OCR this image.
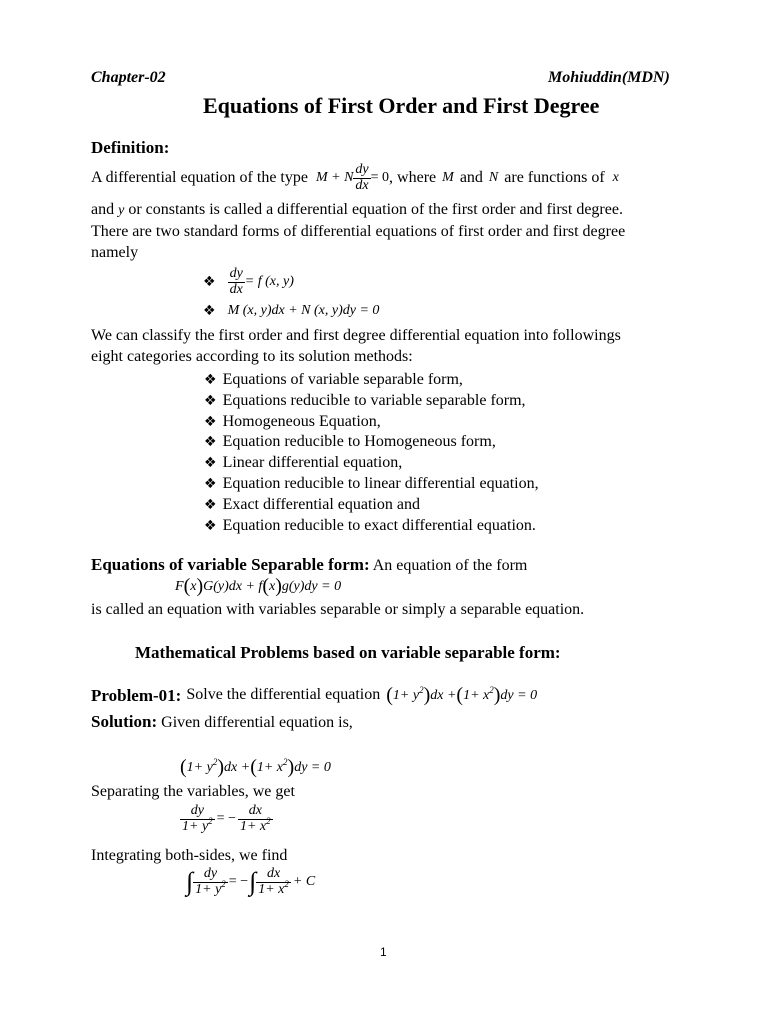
Chapter-02	Mohiuddin(MDN)
Equations of First Order and First Degree
Definition:
A differential equation of the type M + N $\frac{dy}{dx} = 0$ , where M and N are functions of x
and y or constants is called a differential equation of the first order and first degree.
There are two standard forms of differential equations of first order and first degree
namely
❖ $\frac{dy}{dx} = f$ (x, y)
❖ M (x, y)dx + N (x, y)dy = 0
We can classify the first order and first degree differential equation into followings
eight categories according to its solution methods:
❖ Equations of variable separable form,
❖ Equations reducible to variable separable form,
❖ Homogeneous Equation,
❖ Equation reducible to Homogeneous form,
❖ Linear differential equation,
❖ Equation reducible to linear differential equation,
❖ Exact differential equation and
❖ Equation reducible to exact differential equation.
Equations of variable Separable form: An equation of the form
F(x)G(y)dx + f(x)g(y)dy = 0
is called an equation with variables separable or simply a separable equation.
Mathematical Problems based on variable separable form:
Problem-01: Solve the differential equation $(1+ y^2)dx +(1+ x^2)dy = 0$
Solution: Given differential equation is,
$(1+ y^2)dx +(1+ x^2)dy = 0$
Separating the variables, we get
$\frac{dy}{1+ y^2}$ = − $\frac{dx}{1+ x^2}$
Integrating both-sides, we find
∫ $\frac{dy}{1+ y^2}$ = − ∫ $\frac{dx}{1+ x^2} + C$
1
